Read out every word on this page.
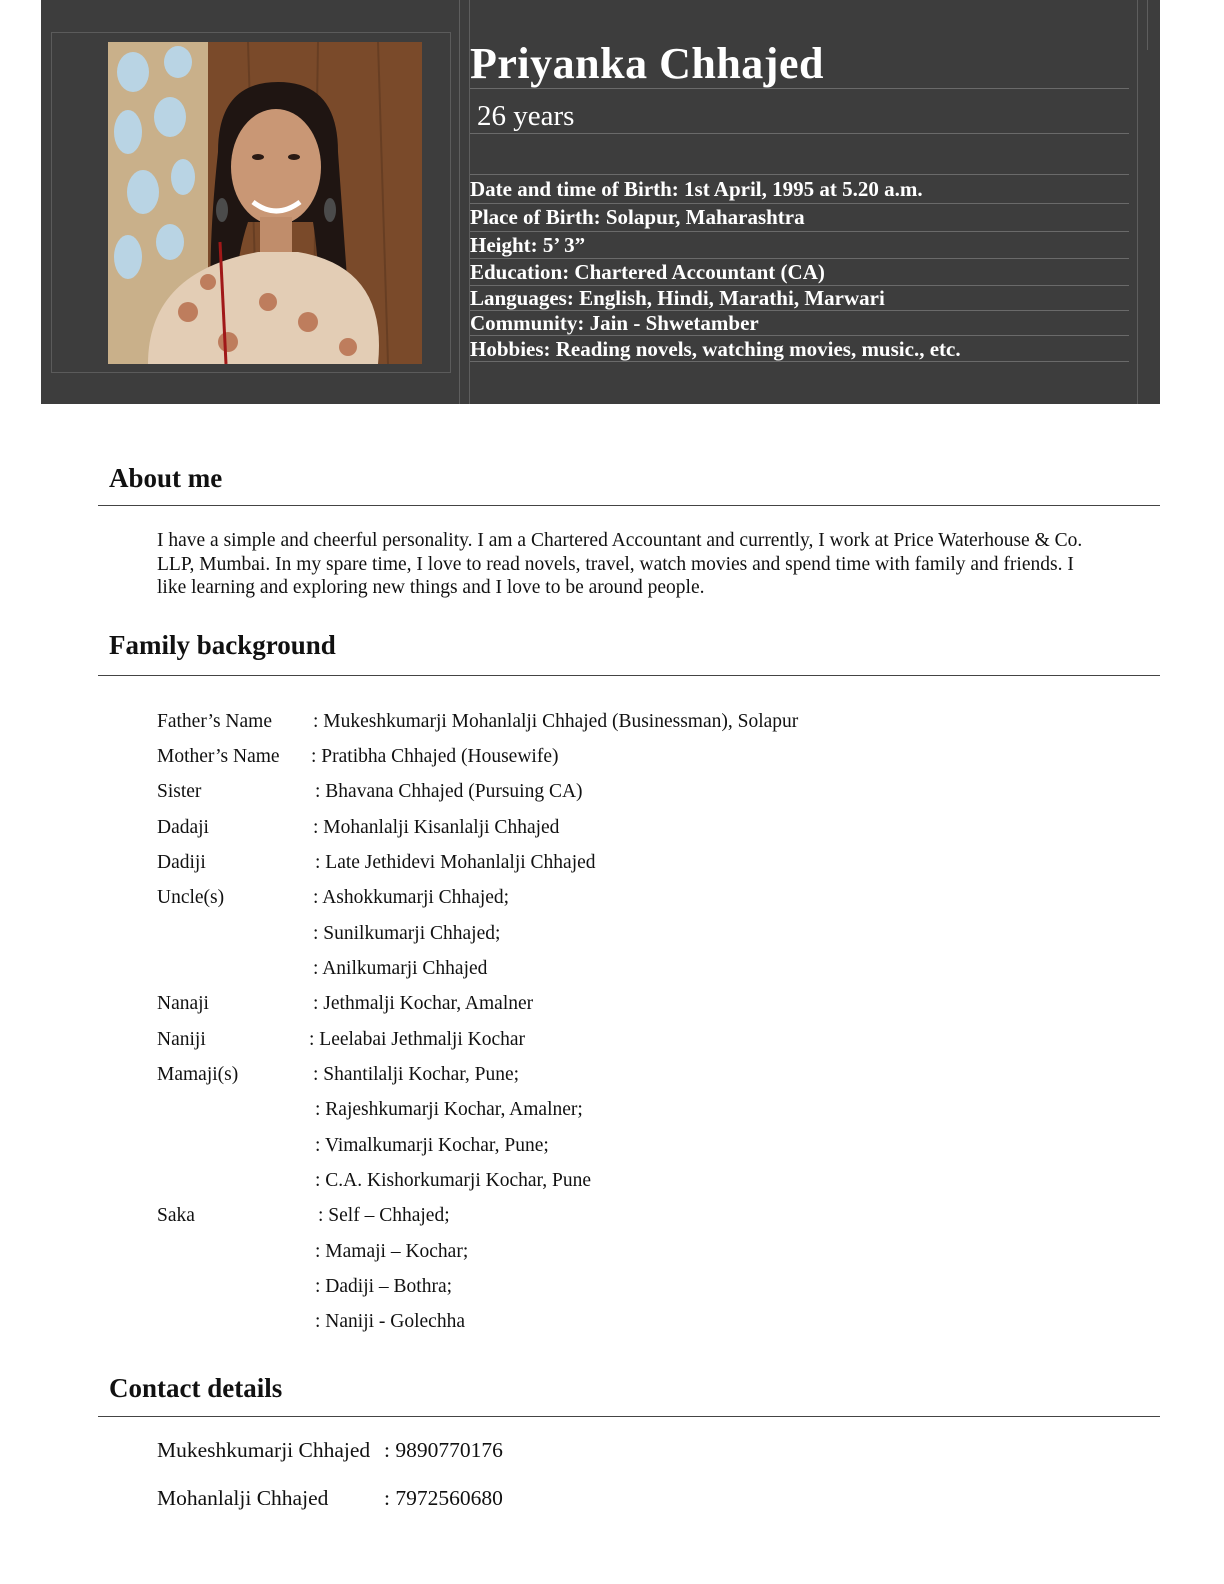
Priyanka Chhajed
26 years
Date and time of Birth: 1st April, 1995 at 5.20 a.m.
Place of Birth: Solapur, Maharashtra
Height: 5’ 3”
Education: Chartered Accountant (CA)
Languages: English, Hindi, Marathi, Marwari
Community: Jain - Shwetamber
Hobbies: Reading novels, watching movies, music., etc.
About me
I have a simple and cheerful personality. I am a Chartered Accountant and currently, I work at Price Waterhouse & Co. LLP, Mumbai. In my spare time, I love to read novels, travel, watch movies and spend time with family and friends. I like learning and exploring new things and I love to be around people.
Family background
Father’s Name	: Mukeshkumarji Mohanlalji Chhajed (Businessman), Solapur
Mother’s Name	: Pratibha Chhajed (Housewife)
Sister	: Bhavana Chhajed (Pursuing CA)
Dadaji	: Mohanlalji Kisanlalji Chhajed
Dadiji	: Late Jethidevi Mohanlalji Chhajed
Uncle(s)	: Ashokkumarji Chhajed;
: Sunilkumarji Chhajed;
: Anilkumarji Chhajed
Nanaji	: Jethmalji Kochar, Amalner
Naniji	: Leelabai Jethmalji Kochar
Mamaji(s)	: Shantilalji Kochar, Pune;
: Rajeshkumarji Kochar, Amalner;
: Vimalkumarji Kochar, Pune;
: C.A. Kishorkumarji Kochar, Pune
Saka	: Self – Chhajed;
: Mamaji – Kochar;
: Dadiji – Bothra;
: Naniji - Golechha
Contact details
Mukeshkumarji Chhajed : 9890770176
Mohanlalji Chhajed	: 7972560680
